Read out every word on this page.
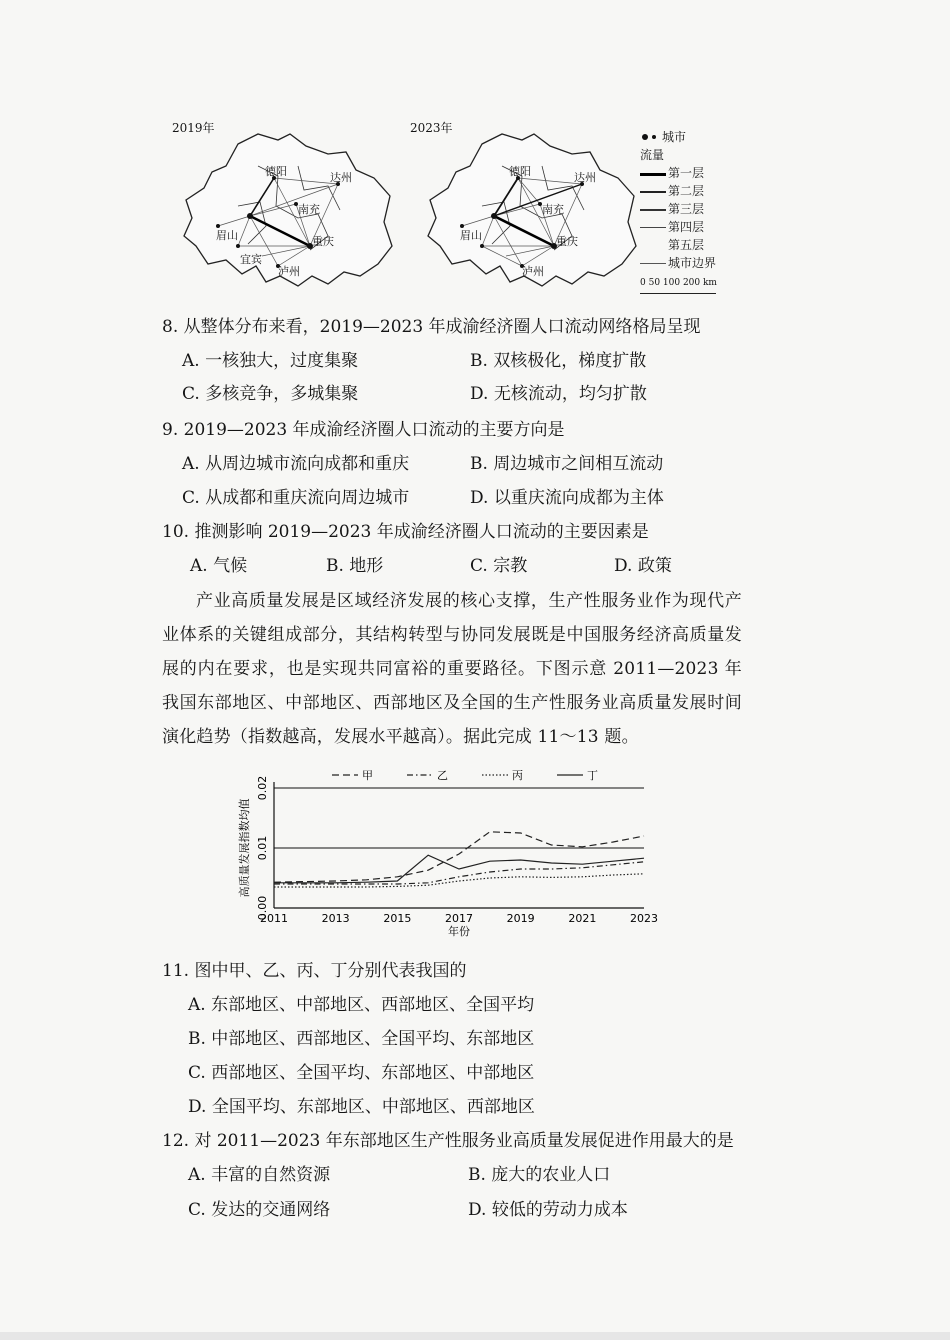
2019年	2023年
德阳	达州
眉山	重庆
南充
泸州
宜宾
德阳	达州
眉山	重庆
南充
泸州
城市
流量
第一层
第二层
第三层
第四层
第五层
城市边界
0 50 100 200 km
8. 从整体分布来看，2019—2023 年成渝经济圈人口流动网络格局呈现
A. 一核独大，过度集聚	B. 双核极化，梯度扩散
C. 多核竞争，多城集聚	D. 无核流动，均匀扩散
9. 2019—2023 年成渝经济圈人口流动的主要方向是
A. 从周边城市流向成都和重庆	B. 周边城市之间相互流动
C. 从成都和重庆流向周边城市	D. 以重庆流向成都为主体
10. 推测影响 2019—2023 年成渝经济圈人口流动的主要因素是
A. 气候	B. 地形	C. 宗教	D. 政策
产业高质量发展是区域经济发展的核心支撑，生产性服务业作为现代产业体系的关键组成部分，其结构转型与协同发展既是中国服务经济高质量发展的内在要求，也是实现共同富裕的重要路径。下图示意 2011—2023 年我国东部地区、中部地区、西部地区及全国的生产性服务业高质量发展时间演化趋势（指数越高，发展水平越高）。据此完成 11～13 题。
0.00
0.01
0.02
高质量发展指数均值
2011	2013	2015	2017	2019	2021	2023
年份
甲	乙	丙	丁
11. 图中甲、乙、丙、丁分别代表我国的
A. 东部地区、中部地区、西部地区、全国平均
B. 中部地区、西部地区、全国平均、东部地区
C. 西部地区、全国平均、东部地区、中部地区
D. 全国平均、东部地区、中部地区、西部地区
12. 对 2011—2023 年东部地区生产性服务业高质量发展促进作用最大的是
A. 丰富的自然资源	B. 庞大的农业人口
C. 发达的交通网络	D. 较低的劳动力成本
